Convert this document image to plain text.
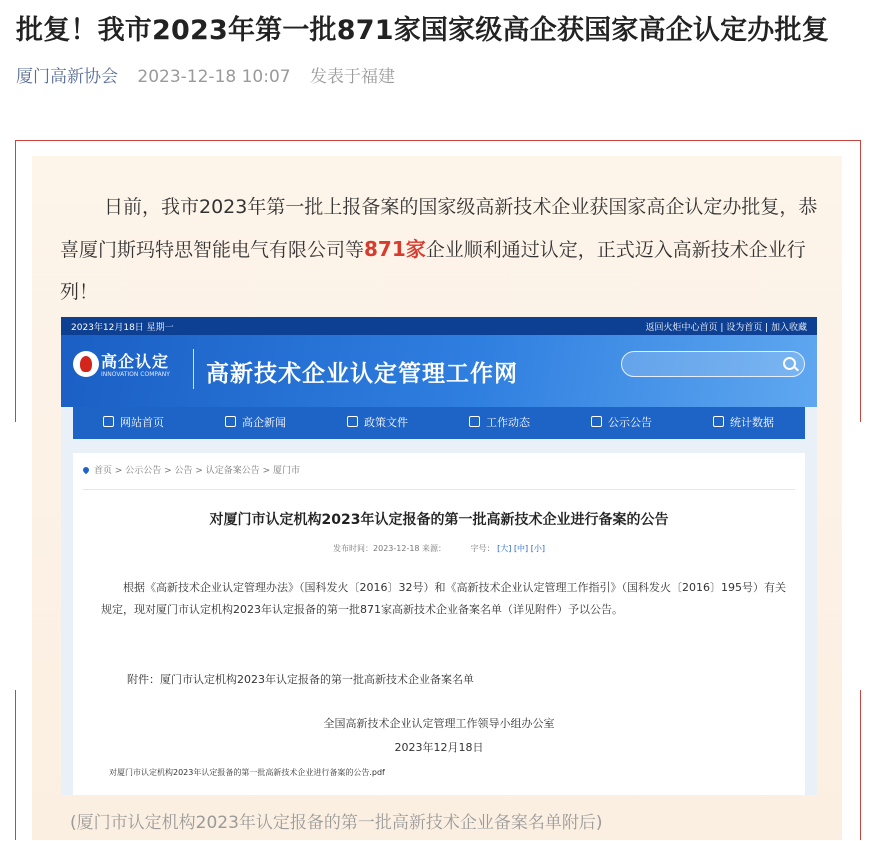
批复！我市2023年第一批871家国家级高企获国家高企认定办批复
厦门高新协会 2023-12-18 10:07 发表于福建
日前，我市2023年第一批上报备案的国家级高新技术企业获国家高企认定办批复，恭喜厦门斯玛特思智能电气有限公司等871家企业顺利通过认定，正式迈入高新技术企业行列！
2023年12月18日 星期一	返回火炬中心首页 | 设为首页 | 加入收藏
高企认定
INNOVATION COMPANY 高新技术企业认定管理工作网
网站首页	高企新闻	政策文件	工作动态	公示公告	统计数据
首页 > 公示公告 > 公告 > 认定备案公告 > 厦门市
对厦门市认定机构2023年认定报备的第一批高新技术企业进行备案的公告
发布时间：2023-12-18 来源：	字号： [大] [中] [小]
根据《高新技术企业认定管理办法》（国科发火〔2016〕32号）和《高新技术企业认定管理工作指引》（国科发火〔2016〕195号）有关规定，现对厦门市认定机构2023年认定报备的第一批871家高新技术企业备案名单（详见附件）予以公告。
附件：厦门市认定机构2023年认定报备的第一批高新技术企业备案名单
全国高新技术企业认定管理工作领导小组办公室
2023年12月18日
对厦门市认定机构2023年认定报备的第一批高新技术企业进行备案的公告.pdf
(厦门市认定机构2023年认定报备的第一批高新技术企业备案名单附后)
